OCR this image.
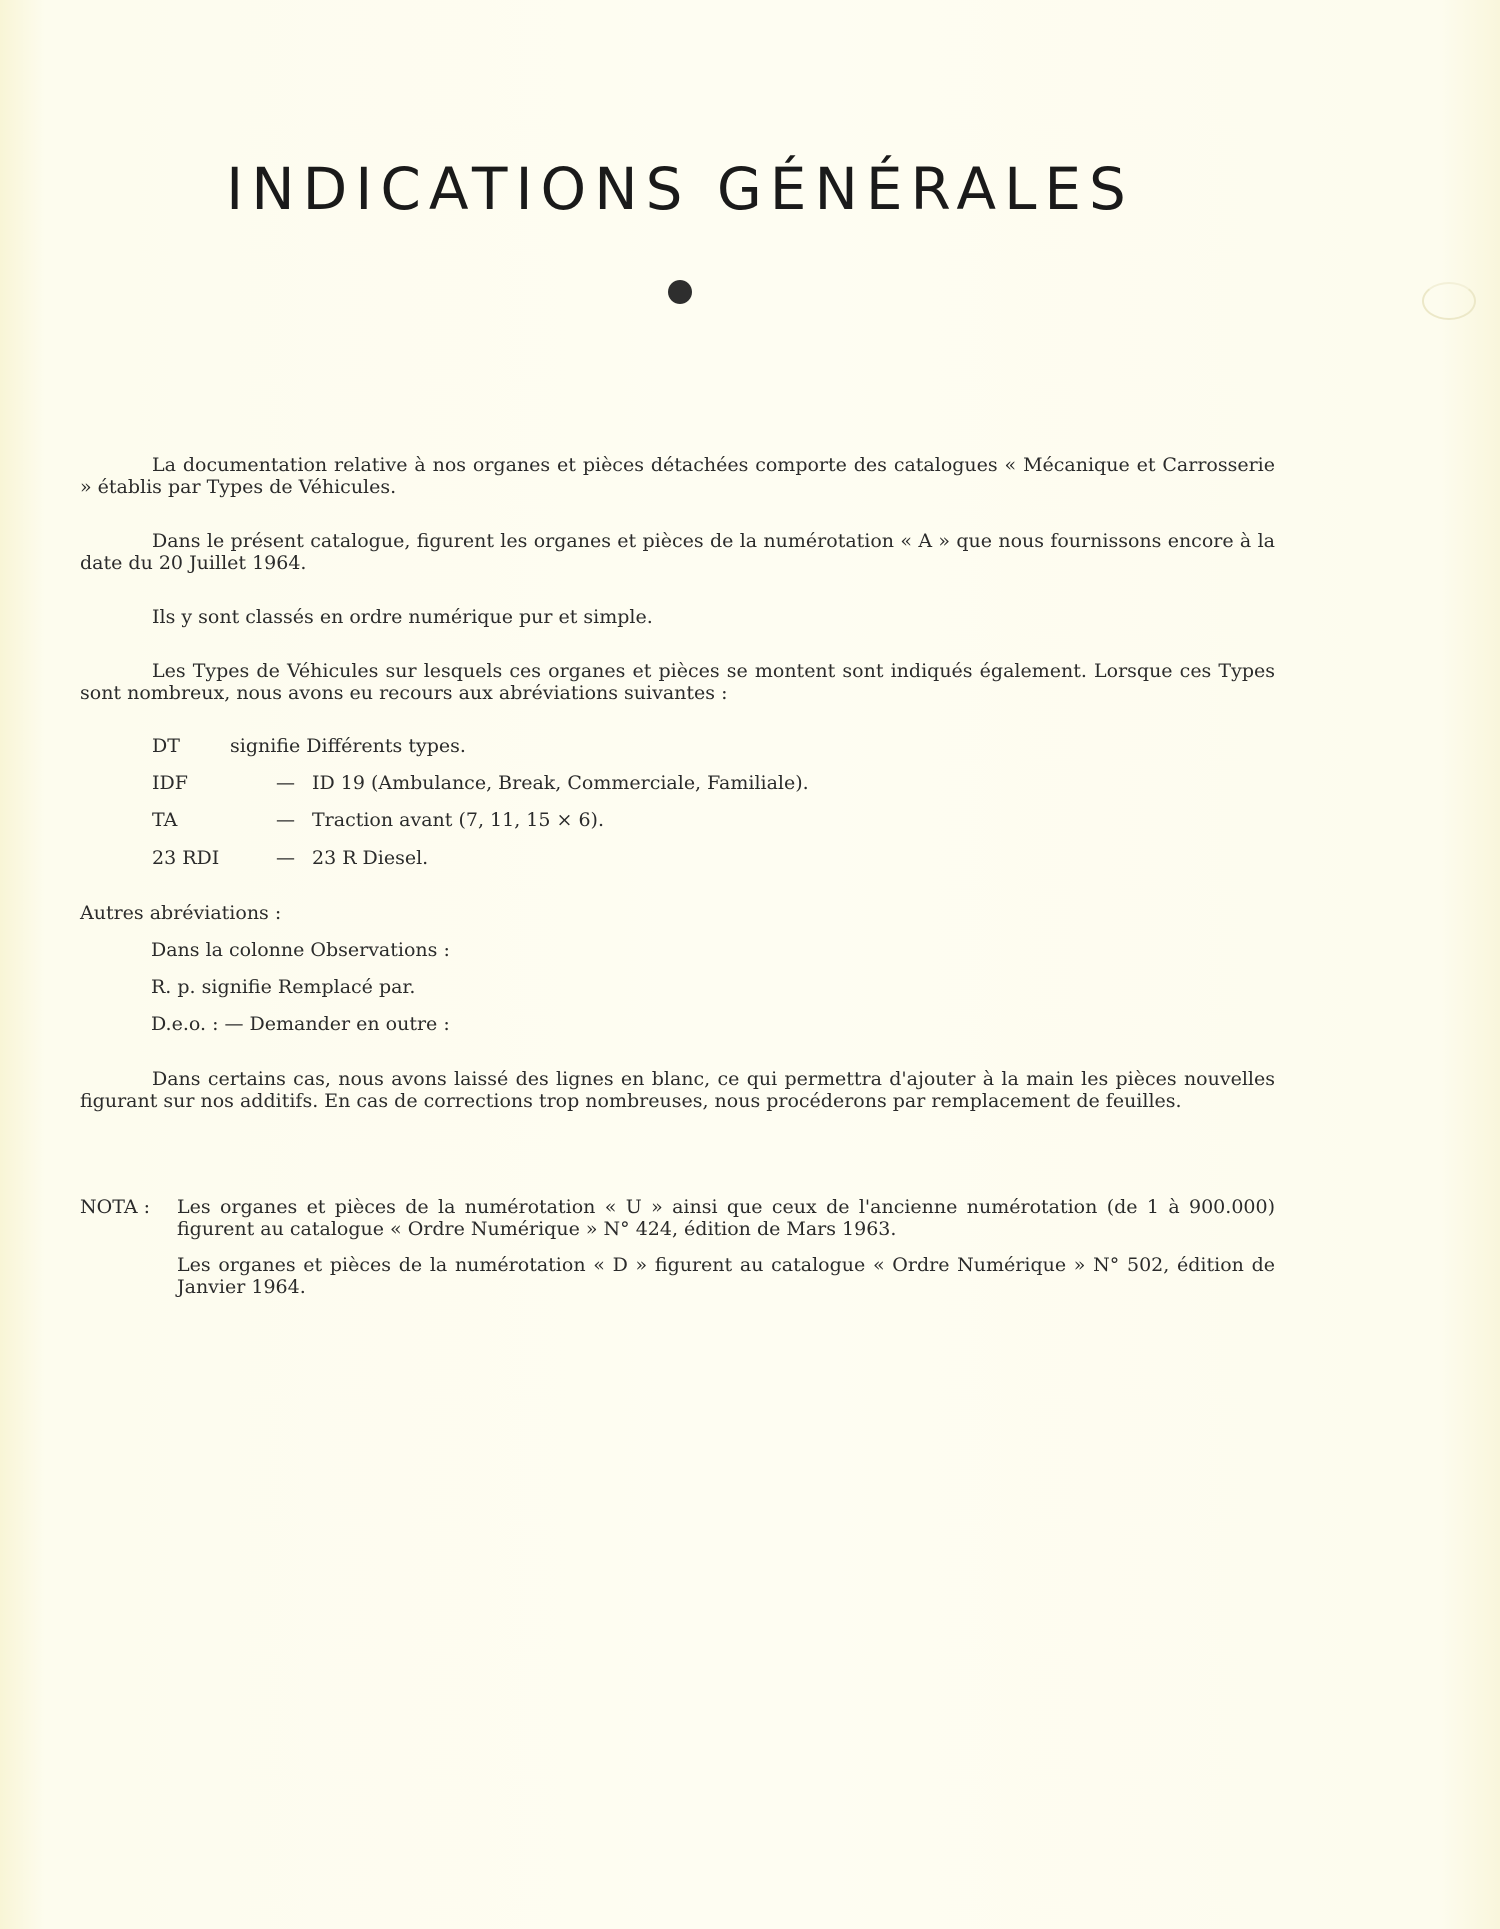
INDICATIONS GÉNÉRALES
La documentation relative à nos organes et pièces détachées comporte des catalogues « Mécanique et Carrosserie » établis par Types de Véhicules.
Dans le présent catalogue, figurent les organes et pièces de la numérotation « A » que nous fournissons encore à la date du 20 Juillet 1964.
Ils y sont classés en ordre numérique pur et simple.
Les Types de Véhicules sur lesquels ces organes et pièces se montent sont indiqués également. Lorsque ces Types sont nombreux, nous avons eu recours aux abréviations suivantes :
DT	signifie Différents types.
IDF	— ID 19 (Ambulance, Break, Commerciale, Familiale).
TA	— Traction avant (7, 11, 15 × 6).
23 RDI	— 23 R Diesel.
Autres abréviations :
Dans la colonne Observations :
R. p. signifie Remplacé par.
D.e.o. : — Demander en outre :
Dans certains cas, nous avons laissé des lignes en blanc, ce qui permettra d'ajouter à la main les pièces nouvelles figurant sur nos additifs. En cas de corrections trop nombreuses, nous procéderons par remplacement de feuilles.
NOTA : Les organes et pièces de la numérotation « U » ainsi que ceux de l'ancienne numérotation (de 1 à 900.000) figurent au catalogue « Ordre Numérique » N° 424, édition de Mars 1963.
Les organes et pièces de la numérotation « D » figurent au catalogue « Ordre Numérique » N° 502, édition de Janvier 1964.
